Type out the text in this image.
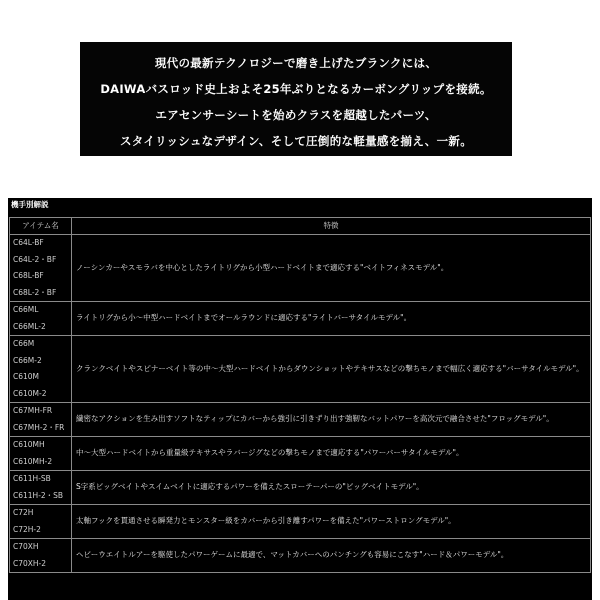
現代の最新テクノロジーで磨き上げたブランクには、
DAIWAバスロッド史上およそ25年ぶりとなるカーボングリップを接続。
エアセンサーシートを始めクラスを超越したパーツ、
スタイリッシュなデザイン、そして圧倒的な軽量感を揃え、一新。
機手別解説
アイテム名	特徴

C64L-BF
C64L-2・BF
C68L-BF
C68L-2・BF	ノーシンカーやスモラバを中心としたライトリグから小型ハードベイトまで適応する"ベイトフィネスモデル"。

C66ML
C66ML-2	ライトリグから小～中型ハードベイトまでオールラウンドに適応する"ライトバーサタイルモデル"。

C66M
C66M-2
C610M
C610M-2	クランクベイトやスピナーベイト等の中～大型ハードベイトからダウンショットやテキサスなどの撃ちモノまで幅広く適応する"バーサタイルモデル"。

C67MH-FR
C67MH-2・FR	繊密なアクションを生み出すソフトなティップにカバーから強引に引きずり出す強靭なバットパワーを高次元で融合させた"フロッグモデル"。

C610MH
C610MH-2	中～大型ハードベイトから重量級テキサスやラバージグなどの撃ちモノまで適応する"パワーバーサタイルモデル"。

C611H-SB
C611H-2・SB	S字系ビッグベイトやスイムベイトに適応するパワーを備えたスローテーパーの"ビッグベイトモデル"。

C72H
C72H-2	太軸フックを貫通させる瞬発力とモンスター級をカバーから引き離すパワーを備えた"パワーストロングモデル"。

C70XH
C70XH-2	ヘビーウエイトルアーを駆使したパワーゲームに最適で、マットカバーへのパンチングも容易にこなす"ハード＆パワーモデル"。
